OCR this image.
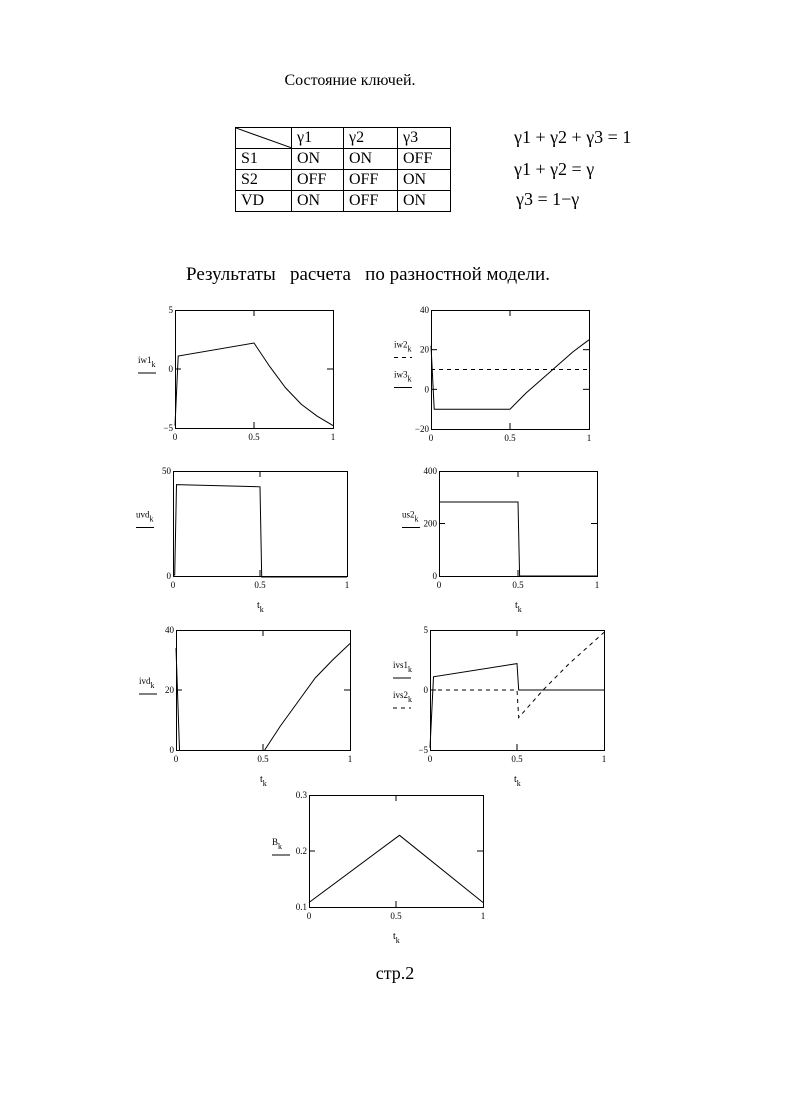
Состояние ключей.
	γ1	γ2	γ3
S1	ON	ON	OFF
S2	OFF	OFF	ON
VD	ON	OFF	ON
γ1 + γ2 + γ3 = 1
γ1 + γ2 = γ
γ3 = 1−γ
Результаты   расчета   по разностной модели.
0	0.5	1
−5
0
5
iw1k
0	0.5	1
−20
0
20
40
iw2k
iw3k
0	0.5	1
0
50
uvdk
$t_k$
0	0.5	1
0
200
400
us2k
$t_k$
0	0.5	1
0
20
40
ivdk
$t_k$
0	0.5	1
−5
0
5
ivs1k
ivs2k
$t_k$
0	0.5	1
0.1
0.2
0.3
Bk
$t_k$
стр.2
